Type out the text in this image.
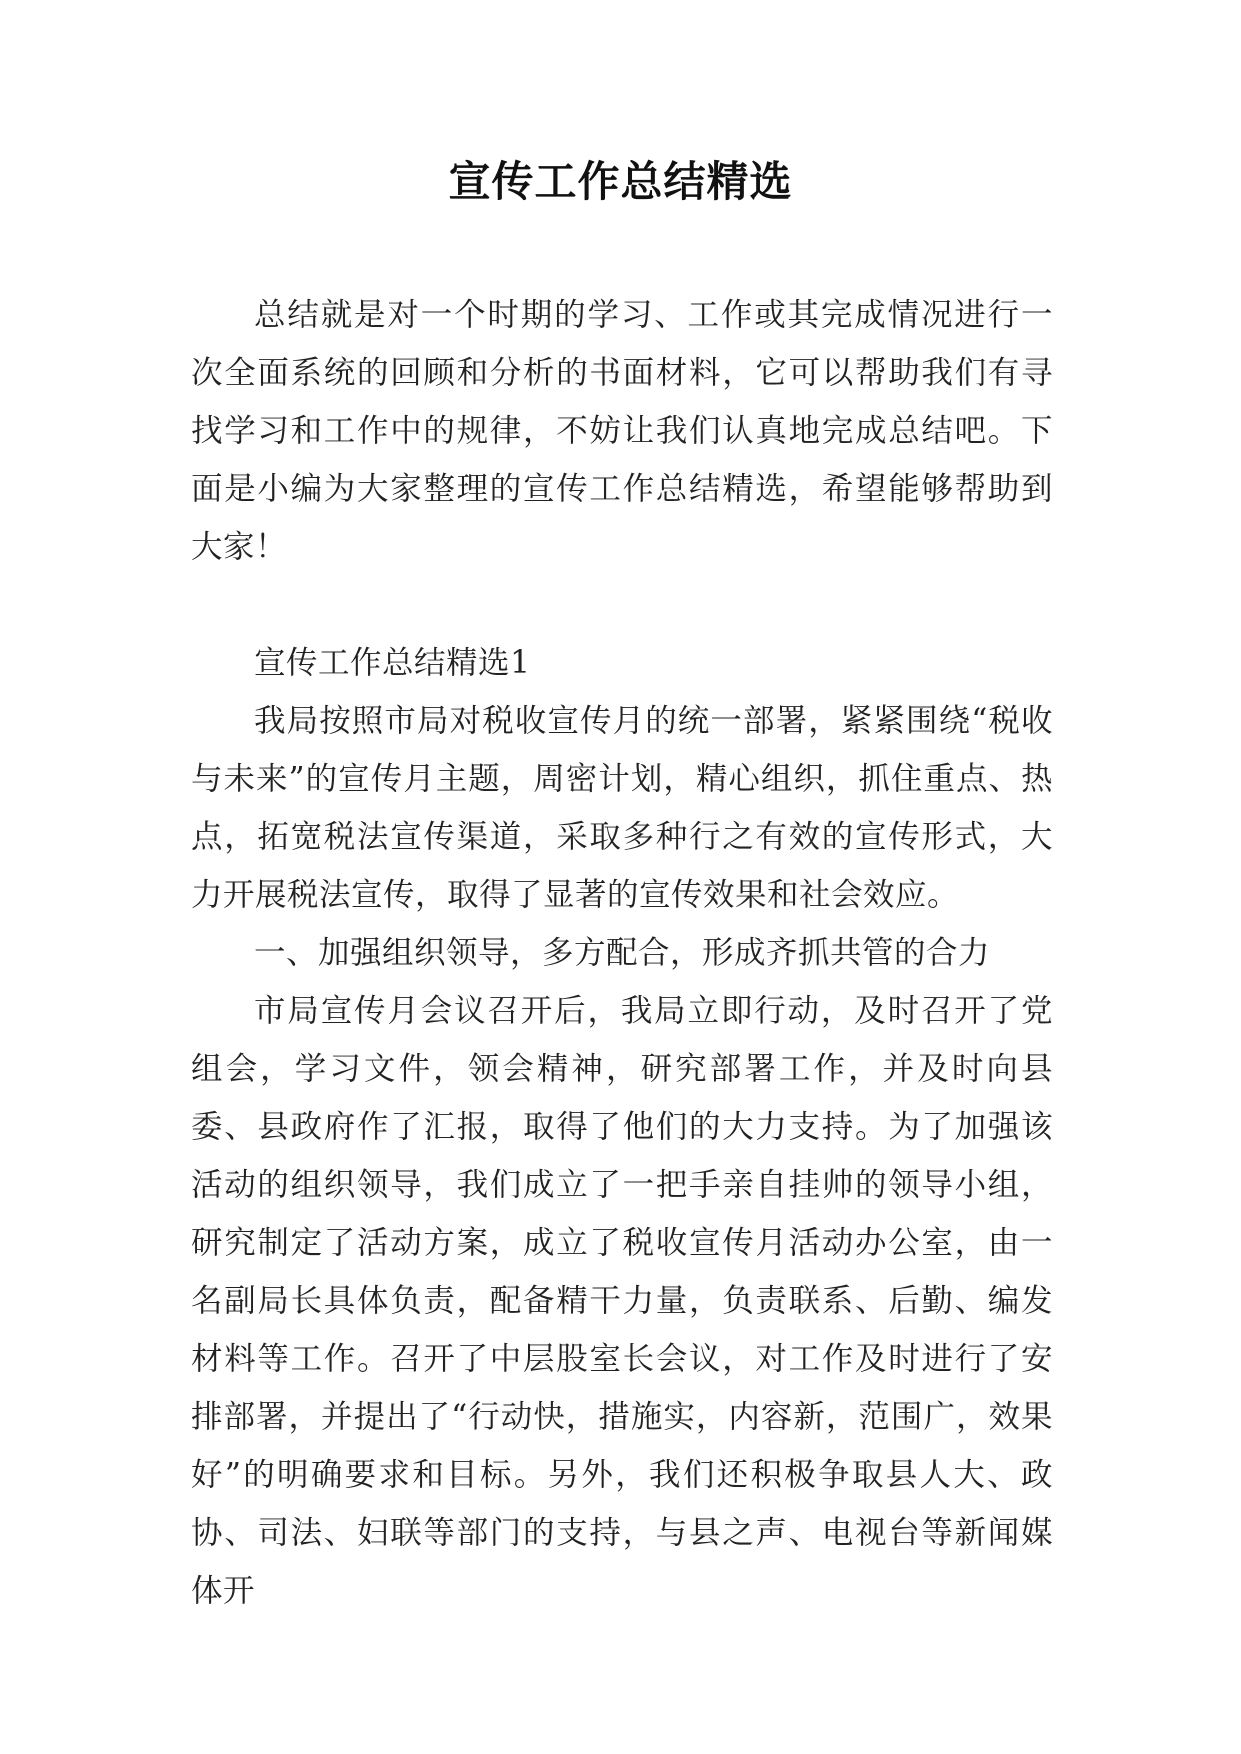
宣传工作总结精选

总结就是对一个时期的学习、工作或其完成情况进行一次全面系统的回顾和分析的书面材料，它可以帮助我们有寻找学习和工作中的规律，不妨让我们认真地完成总结吧。下面是小编为大家整理的宣传工作总结精选，希望能够帮助到大家！

宣传工作总结精选1

我局按照市局对税收宣传月的统一部署，紧紧围绕“税收与未来”的宣传月主题，周密计划，精心组织，抓住重点、热点，拓宽税法宣传渠道，采取多种行之有效的宣传形式，大力开展税法宣传，取得了显著的宣传效果和社会效应。

一、加强组织领导，多方配合，形成齐抓共管的合力

市局宣传月会议召开后，我局立即行动，及时召开了党组会，学习文件，领会精神，研究部署工作，并及时向县委、县政府作了汇报，取得了他们的大力支持。为了加强该活动的组织领导，我们成立了一把手亲自挂帅的领导小组，研究制定了活动方案，成立了税收宣传月活动办公室，由一名副局长具体负责，配备精干力量，负责联系、后勤、编发材料等工作。召开了中层股室长会议，对工作及时进行了安排部署，并提出了“行动快，措施实，内容新，范围广，效果好”的明确要求和目标。另外，我们还积极争取县人大、政协、司法、妇联等部门的支持，与县之声、电视台等新闻媒体开
